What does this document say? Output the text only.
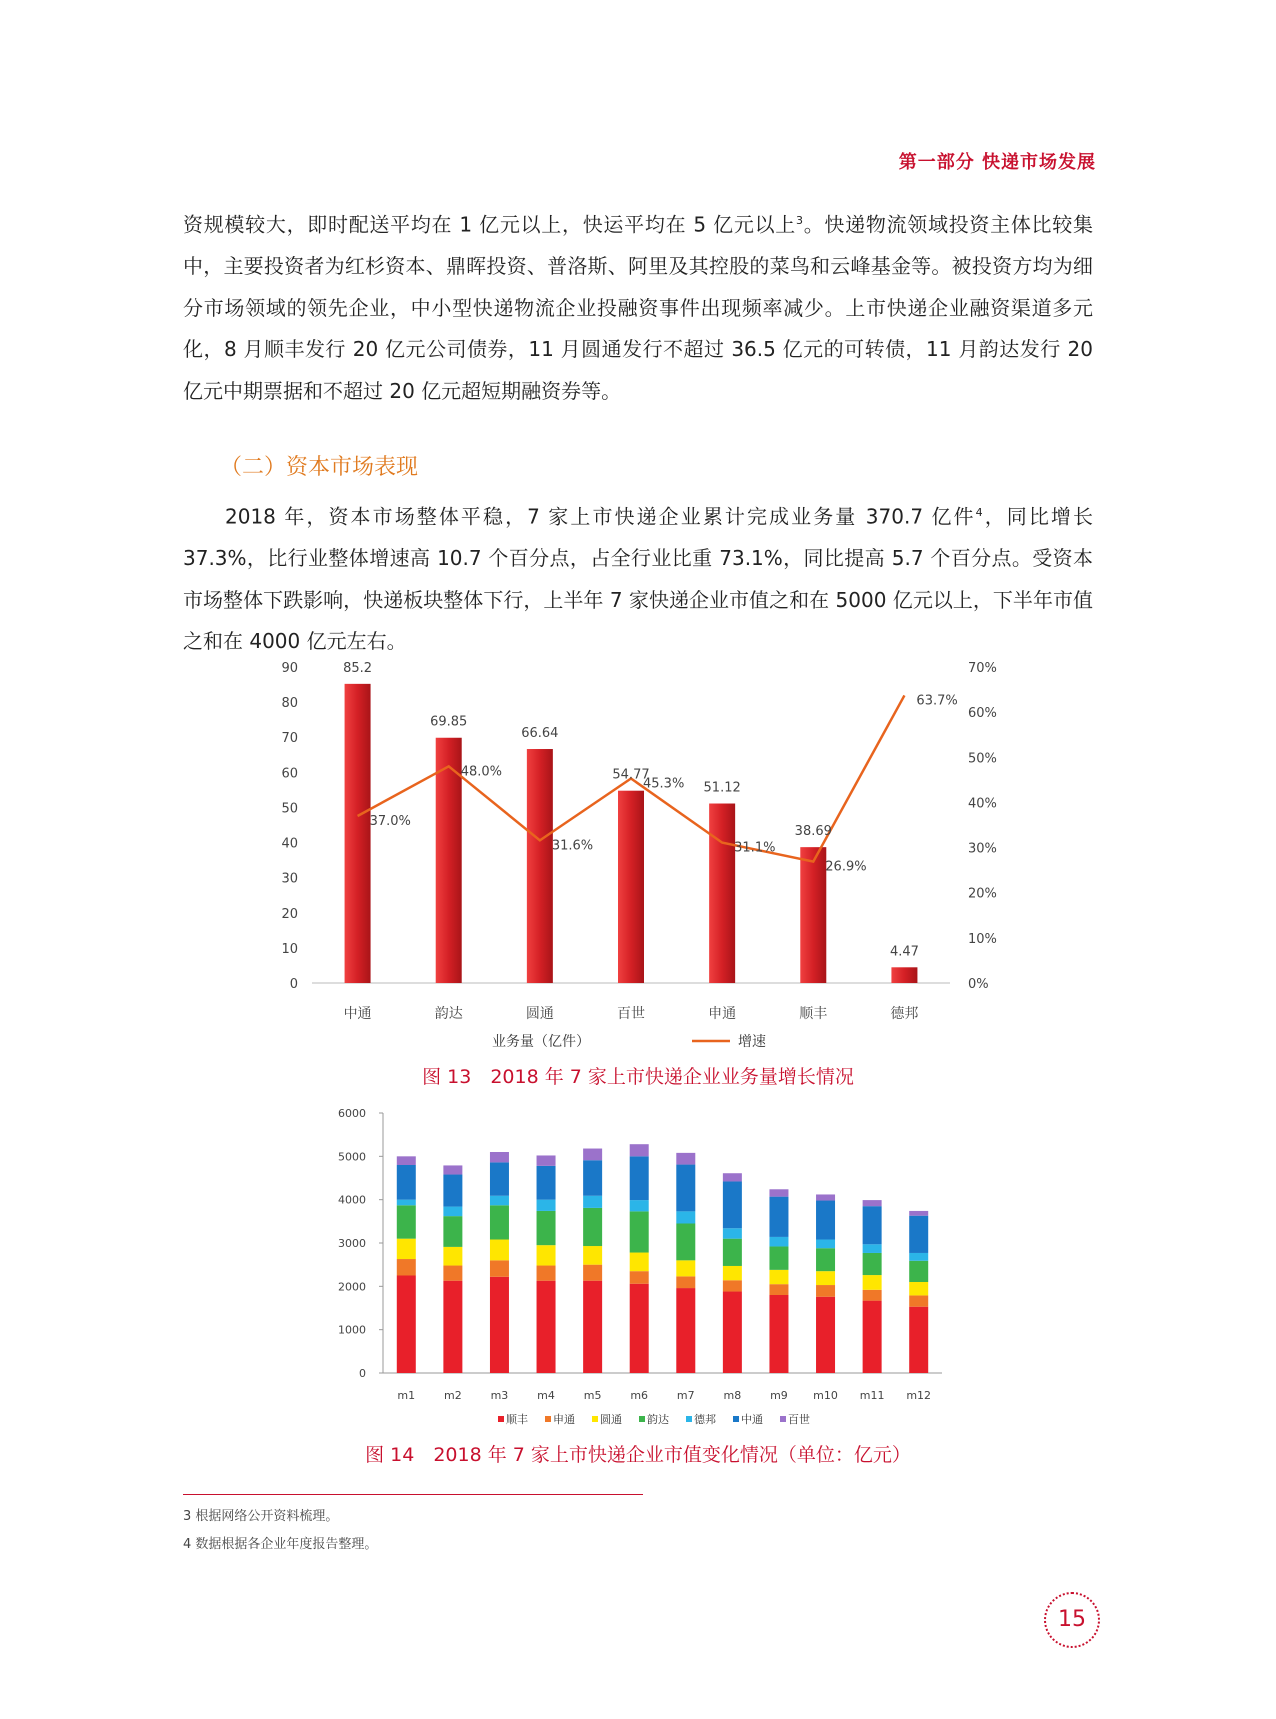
第一部分 快递市场发展

资规模较大，即时配送平均在 1 亿元以上，快运平均在 5 亿元以上$^3$。快递物流领域投资主体比较集中，主要投资者为红杉资本、鼎晖投资、普洛斯、阿里及其控股的菜鸟和云峰基金等。被投资方均为细分市场领域的领先企业，中小型快递物流企业投融资事件出现频率减少。上市快递企业融资渠道多元化，8 月顺丰发行 20 亿元公司债券，11 月圆通发行不超过 36.5 亿元的可转债，11 月韵达发行 20 亿元中期票据和不超过 20 亿元超短期融资券等。

（二）资本市场表现

2018 年，资本市场整体平稳，7 家上市快递企业累计完成业务量 370.7 亿件$^4$，同比增长 37.3%，比行业整体增速高 10.7 个百分点，占全行业比重 73.1%，同比提高 5.7 个百分点。受资本市场整体下跌影响，快递板块整体下行，上半年 7 家快递企业市值之和在 5000 亿元以上，下半年市值之和在 4000 亿元左右。

0
10
20
30
40
50
60
70
80
90
0%
10%
20%
30%
40%
50%
60%
70%
中通	韵达	圆通	百世	申通	顺丰	德邦
85.2
69.85
66.64
54.77
51.12
38.69
4.47
37.0%
48.0%
31.6%
45.3%
31.1%
26.9%
63.7%
业务量（亿件）	增速
图 13　2018 年 7 家上市快递企业业务量增长情况
0
1000
2000
3000
4000
5000
6000
m1	m2	m3	m4	m5	m6	m7	m8	m9 m10 m11 m12
顺丰 申通 圆通 韵达 德邦 中通 百世
图 14　2018 年 7 家上市快递企业市值变化情况（单位：亿元）
3 根据网络公开资料梳理。
4 数据根据各企业年度报告整理。
15
